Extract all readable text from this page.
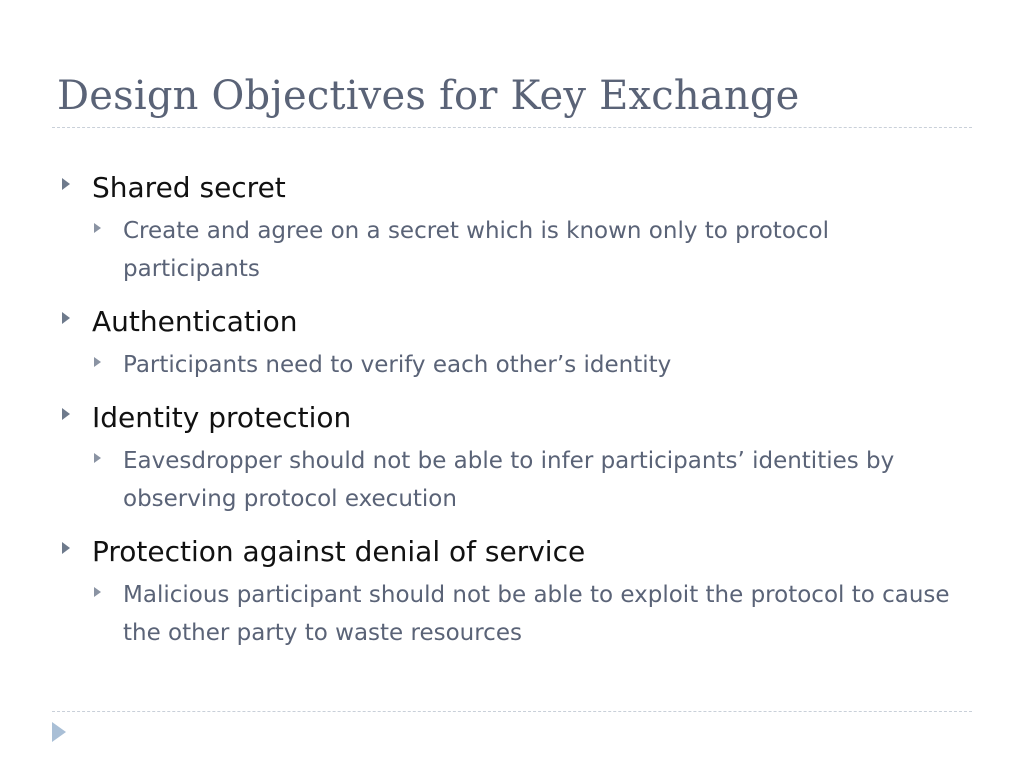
Design Objectives for Key Exchange
Shared secret
Create and agree on a secret which is known only to protocol participants
Authentication
Participants need to verify each other’s identity
Identity protection
Eavesdropper should not be able to infer participants’ identities by observing protocol execution
Protection against denial of service
Malicious participant should not be able to exploit the protocol to cause the other party to waste resources
